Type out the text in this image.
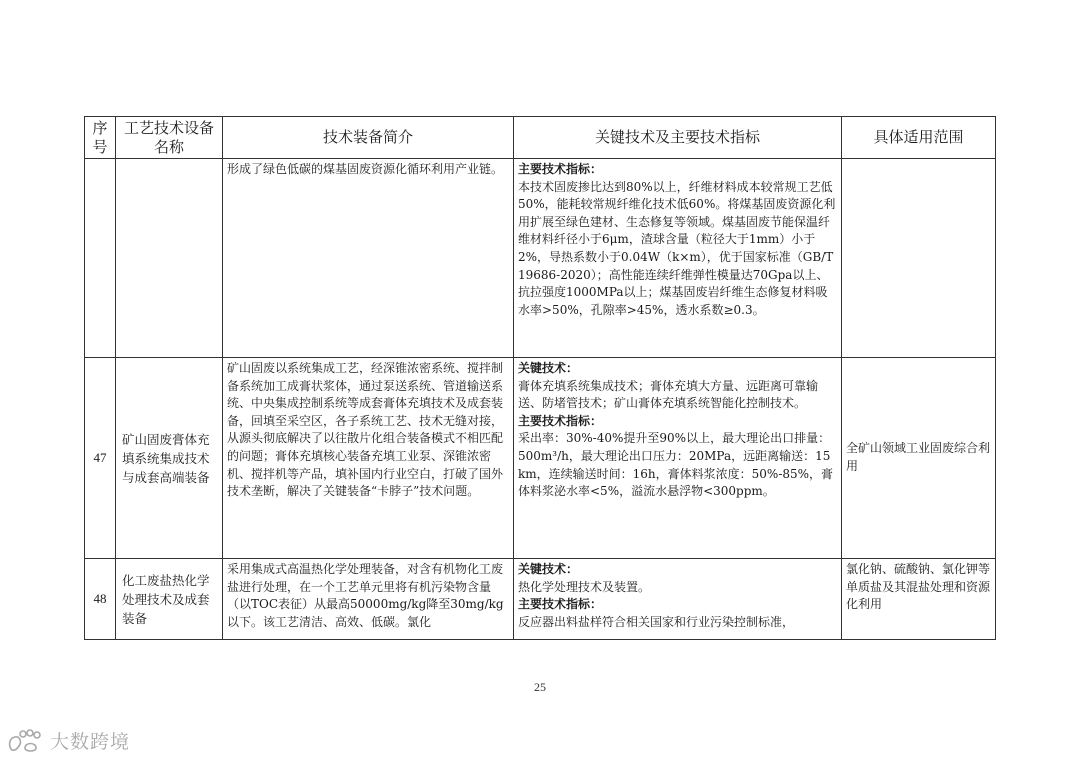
序号	工艺技术设备名称	技术装备简介	关键技术及主要技术指标	具体适用范围

	形成了绿色低碳的煤基固废资源化循环利用产业链。	主要技术指标：
本技术固废掺比达到80%以上，纤维材料成本较常规工艺低50%，能耗较常规纤维化技术低60%。将煤基固废资源化利用扩展至绿色建材、生态修复等领域。煤基固废节能保温纤维材料纤径小于6μm，渣球含量（粒径大于1mm）小于2%，导热系数小于0.04W（k×m），优于国家标准（GB/T 19686-2020）；高性能连续纤维弹性模量达70Gpa以上、抗拉强度1000MPa以上；煤基固废岩纤维生态修复材料吸水率>50%，孔隙率>45%，透水系数≥0.3。	

47	矿山固废膏体充填系统集成技术与成套高端装备	矿山固废以系统集成工艺，经深锥浓密系统、搅拌制备系统加工成膏状浆体，通过泵送系统、管道输送系统、中央集成控制系统等成套膏体充填技术及成套装备，回填至采空区，各子系统工艺、技术无缝对接，从源头彻底解决了以往散片化组合装备模式不相匹配的问题；膏体充填核心装备充填工业泵、深锥浓密机、搅拌机等产品，填补国内行业空白，打破了国外技术垄断，解决了关键装备“卡脖子”技术问题。	关键技术：
膏体充填系统集成技术；膏体充填大方量、远距离可靠输送、防堵管技术；矿山膏体充填系统智能化控制技术。
主要技术指标：
采出率：30%-40%提升至90%以上，最大理论出口排量：500m³/h，最大理论出口压力：20MPa，远距离输送：15km，连续输送时间：16h，膏体料浆浓度：50%-85%，膏体料浆泌水率<5%，溢流水悬浮物<300ppm。	全矿山领域工业固废综合利用
48	化工废盐热化学处理技术及成套装备	采用集成式高温热化学处理装备，对含有机物化工废盐进行处理，在一个工艺单元里将有机污染物含量（以TOC表征）从最高50000mg/kg降至30mg/kg以下。该工艺清洁、高效、低碳。氯化	关键技术：
热化学处理技术及装置。
主要技术指标：
反应器出料盐样符合相关国家和行业污染控制标准，	氯化钠、硫酸钠、氯化钾等单质盐及其混盐处理和资源化利用
25
大数跨境
